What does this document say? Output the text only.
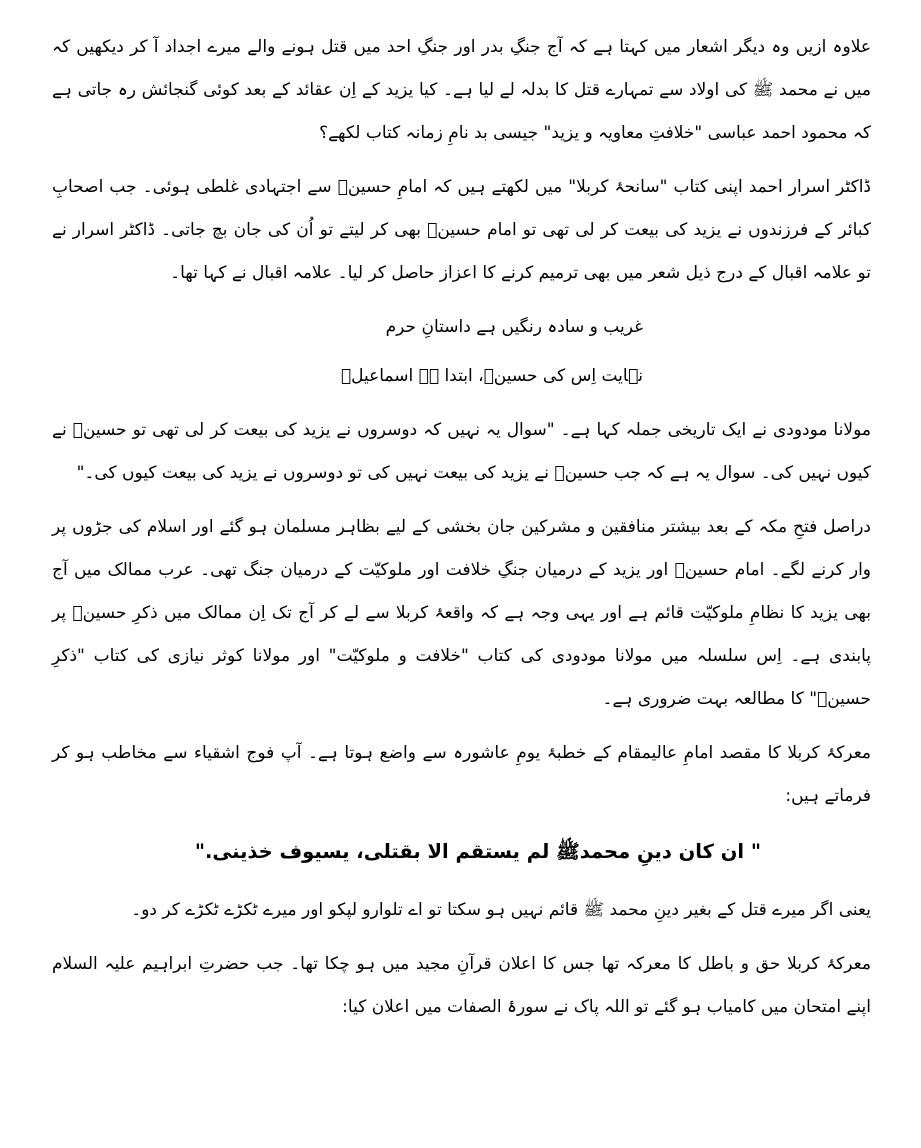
علاوہ ازیں وہ دیگر اشعار میں کہتا ہے کہ آج جنگِ بدر اور جنگِ احد میں قتل ہونے والے میرے اجداد آ کر دیکھیں کہ میں نے محمد ﷺ کی اولاد سے تمہارے قتل کا بدلہ لے لیا ہے۔ کیا یزید کے اِن عقائد کے بعد کوئی گنجائش رہ جاتی ہے کہ محمود احمد عباسی "خلافتِ معاویہ و یزید" جیسی بد نامِ زمانہ کتاب لکھے؟

ڈاکٹر اسرار احمد اپنی کتاب "سانحۂ کربلا" میں لکھتے ہیں کہ امامِ حسینؓ سے اجتہادی غلطی ہوئی۔ جب اصحابِ کبائر کے فرزندوں نے یزید کی بیعت کر لی تھی تو امام حسینؓ بھی کر لیتے تو اُن کی جان بچ جاتی۔ ڈاکٹر اسرار نے تو علامہ اقبال کے درج ذیل شعر میں بھی ترمیم کرنے کا اعزاز حاصل کر لیا۔ علامہ اقبال نے کہا تھا۔

غریب و سادہ رنگیں ہے داستانِ حرم

نہایت اِس کی حسینؑ، ابتدا ہے اسماعیلؑ

مولانا مودودی نے ایک تاریخی جملہ کہا ہے۔ "سوال یہ نہیں کہ دوسروں نے یزید کی بیعت کر لی تھی تو حسینؓ نے کیوں نہیں کی۔ سوال یہ ہے کہ جب حسینؓ نے یزید کی بیعت نہیں کی تو دوسروں نے یزید کی بیعت کیوں کی۔"

دراصل فتحِ مکہ کے بعد بیشتر منافقین و مشرکین جان بخشی کے لیے بظاہر مسلمان ہو گئے اور اسلام کی جڑوں پر وار کرنے لگے۔ امام حسینؓ اور یزید کے درمیان جنگِ خلافت اور ملوکیّت کے درمیان جنگ تھی۔ عرب ممالک میں آج بھی یزید کا نظامِ ملوکیّت قائم ہے اور یہی وجہ ہے کہ واقعۂ کربلا سے لے کر آج تک اِن ممالک میں ذکرِ حسینؓ پر پابندی ہے۔ اِس سلسلہ میں مولانا مودودی کی کتاب "خلافت و ملوکیّت" اور مولانا کوثر نیازی کی کتاب "ذکرِ حسینؓ" کا مطالعہ بہت ضروری ہے۔

معرکۂ کربلا کا مقصد امامِ عالیمقام کے خطبۂ یومِ عاشورہ سے واضع ہوتا ہے۔ آپ فوج اشقیاء سے مخاطب ہو کر فرماتے ہیں:

" ان كان دينِ محمدﷺ لم يستقم الا بقتلى، يسيوف خذينى."

یعنی اگر میرے قتل کے بغیر دینِ محمد ﷺ قائم نہیں ہو سکتا تو اے تلوارو لپکو اور میرے ٹکڑے ٹکڑے کر دو۔

معرکۂ کربلا حق و باطل کا معرکہ تھا جس کا اعلان قرآنِ مجید میں ہو چکا تھا۔ جب حضرتِ ابراہیم علیہ السلام اپنے امتحان میں کامیاب ہو گئے تو اللہ پاک نے سورۂ الصفات میں اعلان کیا:
